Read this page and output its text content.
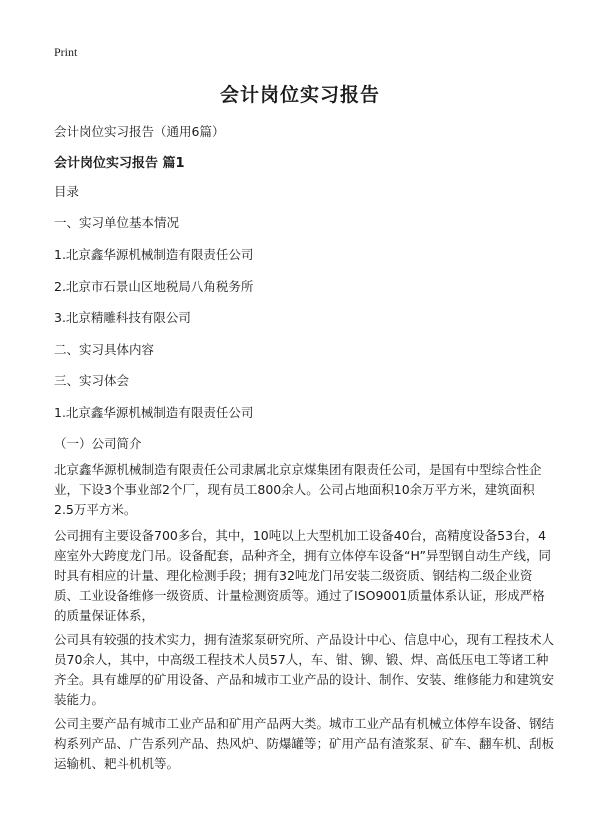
Print
会计岗位实习报告
会计岗位实习报告（通用6篇）
会计岗位实习报告 篇1
目录
一、实习单位基本情况
1.北京鑫华源机械制造有限责任公司
2.北京市石景山区地税局八角税务所
3.北京精雕科技有限公司
二、实习具体内容
三、实习体会
1.北京鑫华源机械制造有限责任公司
（一）公司简介
北京鑫华源机械制造有限责任公司隶属北京京煤集团有限责任公司，是国有中型综合性企业，下设3个事业部2个厂，现有员工800余人。公司占地面积10余万平方米，建筑面积2.5万平方米。
公司拥有主要设备700多台，其中，10吨以上大型机加工设备40台，高精度设备53台，4座室外大跨度龙门吊。设备配套，品种齐全，拥有立体停车设备“H”异型钢自动生产线，同时具有相应的计量、理化检测手段；拥有32吨龙门吊安装二级资质、钢结构二级企业资质、工业设备维修一级资质、计量检测资质等。通过了ISO9001质量体系认证，形成严格的质量保证体系，
公司具有较强的技术实力，拥有渣浆泵研究所、产品设计中心、信息中心，现有工程技术人员70余人，其中，中高级工程技术人员57人，车、钳、铆、锻、焊、高低压电工等诸工种齐全。具有雄厚的矿用设备、产品和城市工业产品的设计、制作、安装、维修能力和建筑安装能力。
公司主要产品有城市工业产品和矿用产品两大类。城市工业产品有机械立体停车设备、钢结构系列产品、广告系列产品、热风炉、防爆罐等；矿用产品有渣浆泵、矿车、翻车机、刮板运输机、耙斗机机等。
